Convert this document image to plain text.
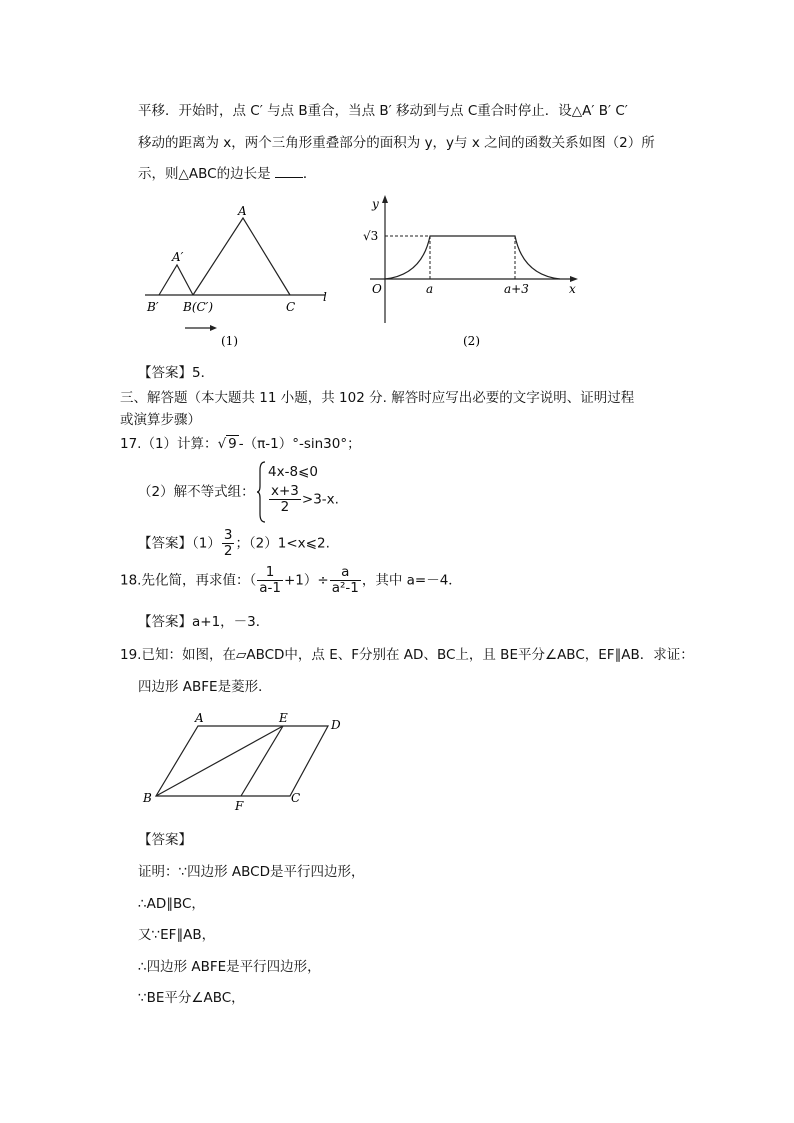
平移．开始时，点 C′ 与点 B重合，当点 B′ 移动到与点 C重合时停止．设△A′ B′ C′
移动的距离为 x，两个三角形重叠部分的面积为 y，y与 x 之间的函数关系如图（2）所
示，则△ABC的边长是 ．
A
A′
B′ B(C′)	C
l
(1)
y
x
O
√3
a	a+3
(2)
【答案】5．
三、解答题（本大题共 11 小题，共 102 分. 解答时应写出必要的文字说明、证明过程
或演算步骤）
17.（1）计算：√ 9 -（π-1）°-sin30°；
（2）解不等式组：
4x-8⩽0
$\frac{x+3}{2} >3-x$.
【答案】$(1) \frac{3}{2}$ ；（2）1<x⩽2.
18.先化简，再求值：（ $\frac{1}{a-1} +1)\div \frac{a}{\text{a²-1}}$ ，其中 a=－4．
【答案】a+1，－3．
19.已知：如图，在▱ABCD中，点 E、F分别在 AD、BC上，且 BE平分∠ABC，EF∥AB．求证：
四边形 ABFE是菱形．
A	E	D
B
F
C
【答案】
证明：∵四边形 ABCD是平行四边形，
∴AD∥BC，
又∵EF∥AB，
∴四边形 ABFE是平行四边形，
∵BE平分∠ABC，
